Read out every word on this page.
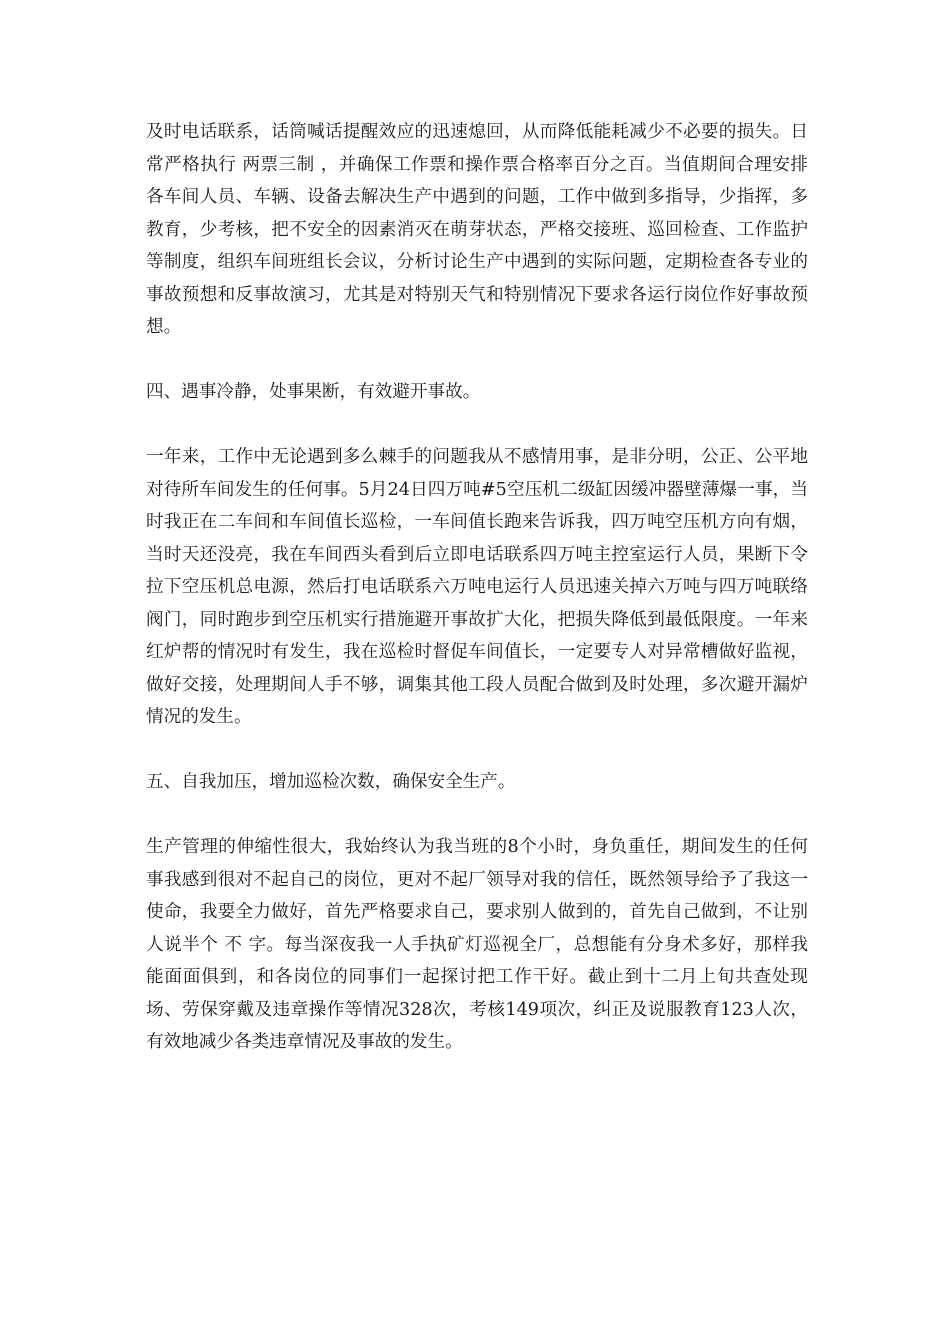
及时电话联系，话筒喊话提醒效应的迅速熄回，从而降低能耗减少不必要的损失。日常严格执行 两票三制 ，并确保工作票和操作票合格率百分之百。当值期间合理安排各车间人员、车辆、设备去解决生产中遇到的问题，工作中做到多指导，少指挥，多教育，少考核，把不安全的因素消灭在萌芽状态，严格交接班、巡回检查、工作监护等制度，组织车间班组长会议，分析讨论生产中遇到的实际问题，定期检查各专业的事故预想和反事故演习，尤其是对特别天气和特别情况下要求各运行岗位作好事故预想。

四、遇事冷静，处事果断，有效避开事故。

一年来，工作中无论遇到多么棘手的问题我从不感情用事，是非分明，公正、公平地对待所车间发生的任何事。5月24日四万吨#5空压机二级缸因缓冲器壁薄爆一事，当时我正在二车间和车间值长巡检，一车间值长跑来告诉我，四万吨空压机方向有烟，当时天还没亮，我在车间西头看到后立即电话联系四万吨主控室运行人员，果断下令拉下空压机总电源，然后打电话联系六万吨电运行人员迅速关掉六万吨与四万吨联络阀门，同时跑步到空压机实行措施避开事故扩大化，把损失降低到最低限度。一年来红炉帮的情况时有发生，我在巡检时督促车间值长，一定要专人对异常槽做好监视，做好交接，处理期间人手不够，调集其他工段人员配合做到及时处理，多次避开漏炉情况的发生。

五、自我加压，增加巡检次数，确保安全生产。

生产管理的伸缩性很大，我始终认为我当班的8个小时，身负重任，期间发生的任何事我感到很对不起自己的岗位，更对不起厂领导对我的信任，既然领导给予了我这一使命，我要全力做好，首先严格要求自己，要求别人做到的，首先自己做到，不让别人说半个 不 字。每当深夜我一人手执矿灯巡视全厂，总想能有分身术多好，那样我能面面俱到，和各岗位的同事们一起探讨把工作干好。截止到十二月上旬共查处现场、劳保穿戴及违章操作等情况328次，考核149项次，纠正及说服教育123人次，有效地减少各类违章情况及事故的发生。
